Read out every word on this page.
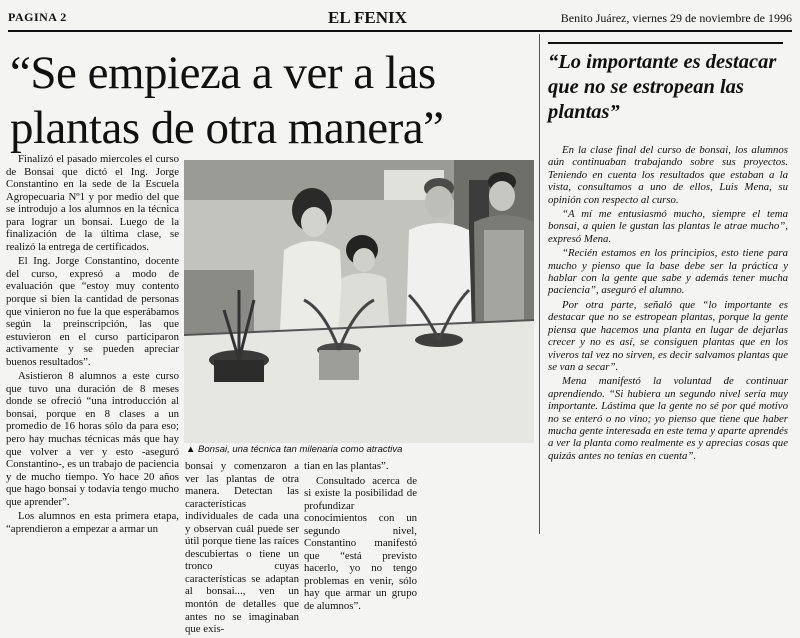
PAGINA 2	EL FENIX	Benito Juárez, viernes 29 de noviembre de 1996
“Se empieza a ver a las plantas de otra manera”
“Lo importante es destacar que no se estropean las plantas”

Finalizó el pasado miercoles el curso de Bonsai que dictó el Ing. Jorge Constantino en la sede de la Escuela Agropecuaria Nº1 y por medio del que se introdujo a los alumnos en la técnica para lograr un bonsai. Luego de la finalización de la última clase, se realizó la entrega de certificados.

El Ing. Jorge Constantino, docente del curso, expresó a modo de evaluación que “estoy muy contento porque si bien la cantidad de personas que vinieron no fue la que esperábamos según la preinscripción, las que estuvieron en el curso participaron activamente y se pueden apreciar buenos resultados”.

Asistieron 8 alumnos a este curso que tuvo una duración de 8 meses donde se ofreció “una introducción al bonsai, porque en 8 clases a un promedio de 16 horas sólo da para eso; pero hay muchas técnicas más que hay que volver a ver y esto -aseguró Constantino-, es un trabajo de paciencia y de mucho tiempo. Yo hace 20 años que hago bonsai y todavía tengo mucho que aprender”.

Los alumnos en esta primera etapa, “aprendieron a empezar a armar un

▲ Bonsai, una técnica tan milenaria como atractiva

bonsai y comenzaron a ver las plantas de otra manera. Detectan las características individuales de cada una y observan cuál puede ser útil porque tiene las raíces descubiertas o tiene un tronco cuyas características se adaptan al bonsai..., ven un montón de detalles que antes no se imaginaban que exis-

tian en las plantas”.

Consultado acerca de si existe la posibilidad de profundizar conocimientos con un segundo nivel, Constantino manifestó que “está previsto hacerlo, yo no tengo problemas en venir, sólo hay que armar un grupo de alumnos”.

En la clase final del curso de bonsai, los alumnos aún continuaban trabajando sobre sus proyectos. Teniendo en cuenta los resultados que estaban a la vista, consultamos a uno de ellos, Luis Mena, su opinión con respecto al curso.

“A mí me entusiasmó mucho, siempre el tema bonsai, a quien le gustan las plantas le atrae mucho”, expresó Mena.

“Recién estamos en los principios, esto tiene para mucho y pienso que la base debe ser la práctica y hablar con la gente que sabe y además tener mucha paciencia”, aseguró el alumno.

Por otra parte, señaló que “lo importante es destacar que no se estropean plantas, porque la gente piensa que hacemos una planta en lugar de dejarlas crecer y no es así, se consiguen plantas que en los viveros tal vez no sirven, es decir salvamos plantas que se van a secar”.

Mena manifestó la voluntad de continuar aprendiendo. “Si hubiera un segundo nivel sería muy importante. Lástima que la gente no sé por qué motivo no se enteró o no vino; yo pienso que tiene que haber mucha gente interesada en este tema y aparte aprendés a ver la planta como realmente es y aprecias cosas que quizás antes no tenías en cuenta”.
